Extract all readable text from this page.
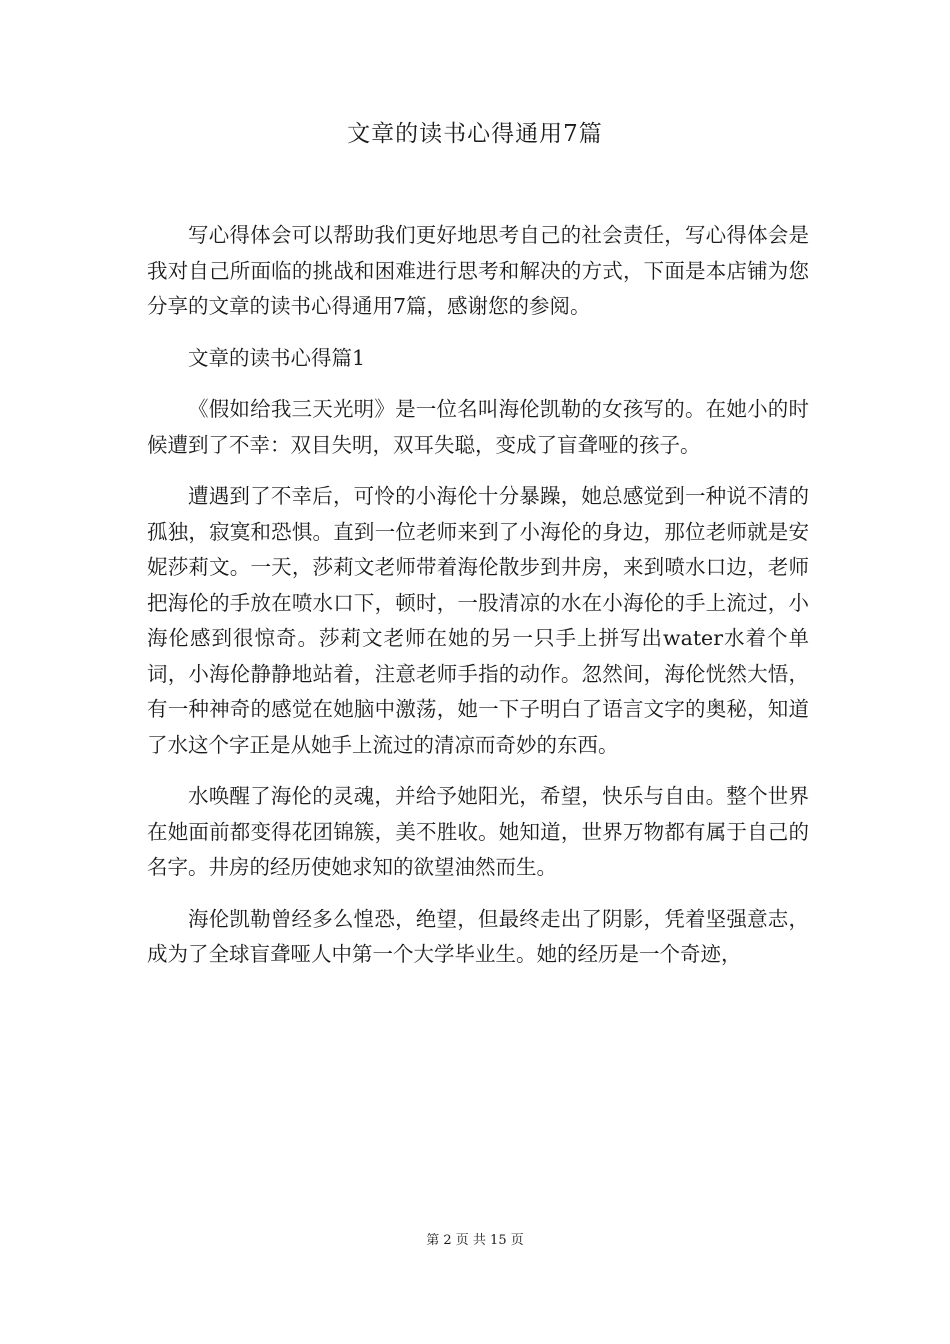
文章的读书心得通用7篇

写心得体会可以帮助我们更好地思考自己的社会责任，写心得体会是我对自己所面临的挑战和困难进行思考和解决的方式，下面是本店铺为您分享的文章的读书心得通用7篇，感谢您的参阅。

文章的读书心得篇1

《假如给我三天光明》是一位名叫海伦凯勒的女孩写的。在她小的时候遭到了不幸：双目失明，双耳失聪，变成了盲聋哑的孩子。

遭遇到了不幸后，可怜的小海伦十分暴躁，她总感觉到一种说不清的孤独，寂寞和恐惧。直到一位老师来到了小海伦的身边，那位老师就是安妮莎莉文。一天，莎莉文老师带着海伦散步到井房，来到喷水口边，老师把海伦的手放在喷水口下，顿时，一股清凉的水在小海伦的手上流过，小海伦感到很惊奇。莎莉文老师在她的另一只手上拼写出water水着个单词，小海伦静静地站着，注意老师手指的动作。忽然间，海伦恍然大悟，有一种神奇的感觉在她脑中激荡，她一下子明白了语言文字的奥秘，知道了水这个字正是从她手上流过的清凉而奇妙的东西。

水唤醒了海伦的灵魂，并给予她阳光，希望，快乐与自由。整个世界在她面前都变得花团锦簇，美不胜收。她知道，世界万物都有属于自己的名字。井房的经历使她求知的欲望油然而生。

海伦凯勒曾经多么惶恐，绝望，但最终走出了阴影，凭着坚强意志，成为了全球盲聋哑人中第一个大学毕业生。她的经历是一个奇迹，

第 2 页 共 15 页
